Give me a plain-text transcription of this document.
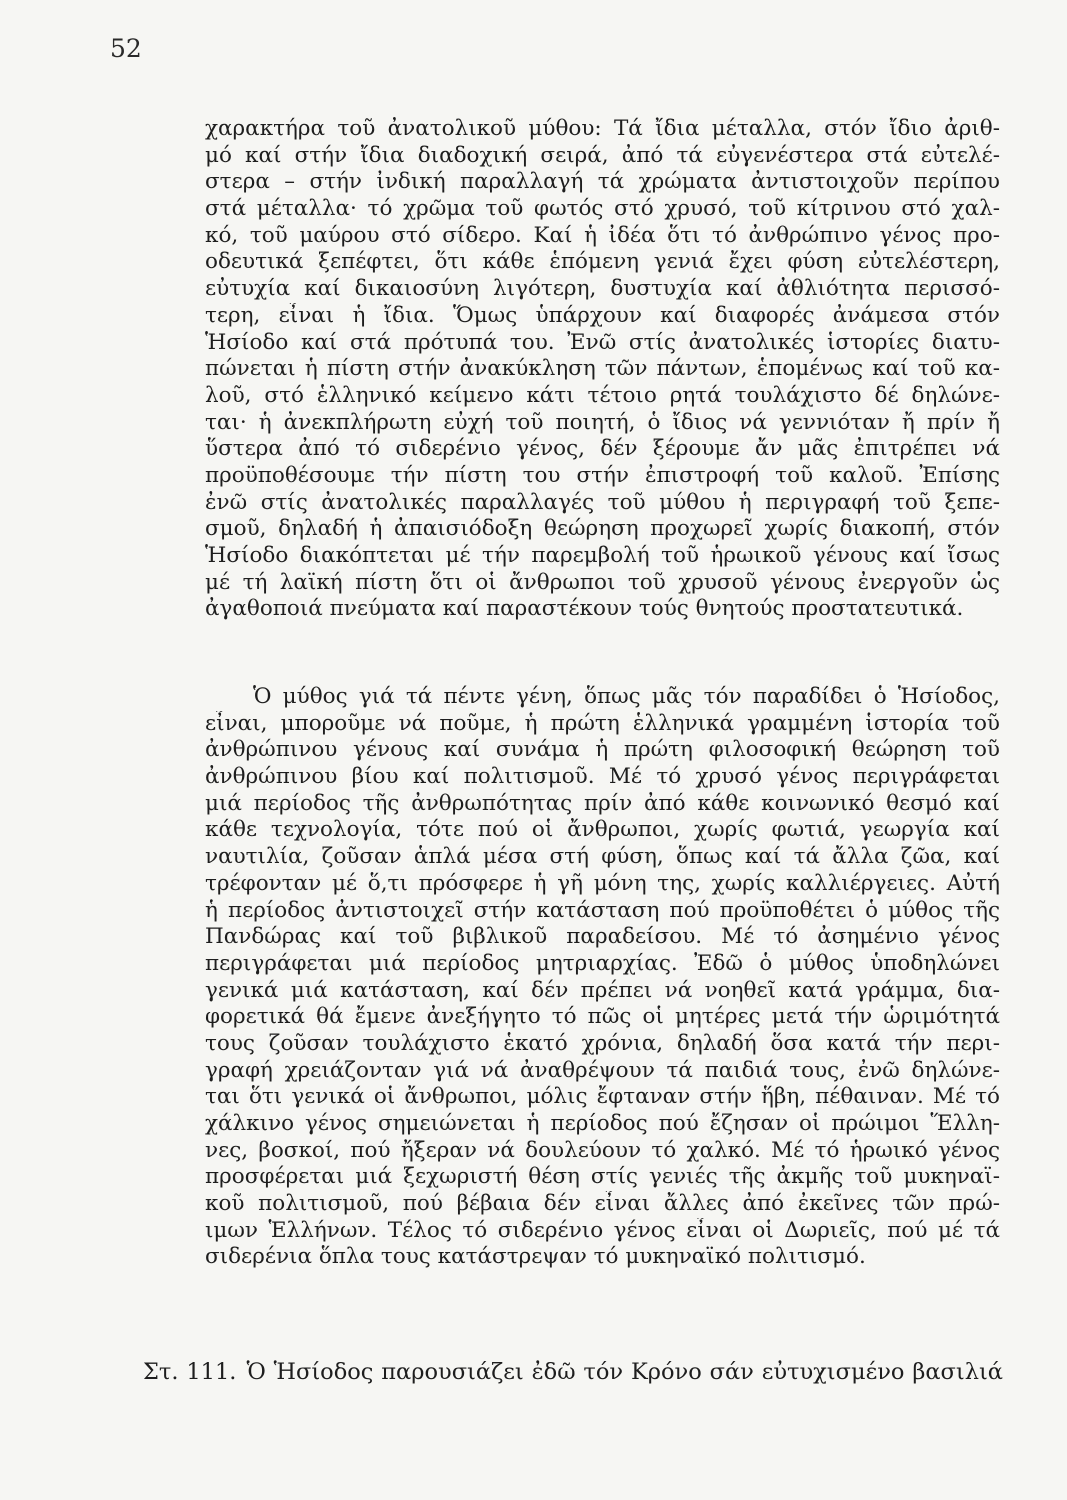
52
χαρακτήρα τοῦ ἀνατολικοῦ μύθου: Τά ἴδια μέταλλα, στόν ἴδιο ἀριθ-
μό καί στήν ἴδια διαδοχική σειρά, ἀπό τά εὐγενέστερα στά εὐτελέ-
στερα – στήν ἰνδική παραλλαγή τά χρώματα ἀντιστοιχοῦν περίπου
στά μέταλλα· τό χρῶμα τοῦ φωτός στό χρυσό, τοῦ κίτρινου στό χαλ-
κό, τοῦ μαύρου στό σίδερο. Καί ἡ ἰδέα ὅτι τό ἀνθρώπινο γένος προ-
οδευτικά ξεπέφτει, ὅτι κάθε ἑπόμενη γενιά ἔχει φύση εὐτελέστερη,
εὐτυχία καί δικαιοσύνη λιγότερη, δυστυχία καί ἀθλιότητα περισσό-
τερη, εἶναι ἡ ἴδια. Ὅμως ὑπάρχουν καί διαφορές ἀνάμεσα στόν
Ἡσίοδο καί στά πρότυπά του. Ἐνῶ στίς ἀνατολικές ἱστορίες διατυ-
πώνεται ἡ πίστη στήν ἀνακύκληση τῶν πάντων, ἑπομένως καί τοῦ κα-
λοῦ, στό ἑλληνικό κείμενο κάτι τέτοιο ρητά τουλάχιστο δέ δηλώνε-
ται· ἡ ἀνεκπλήρωτη εὐχή τοῦ ποιητή, ὁ ἴδιος νά γεννιόταν ἤ πρίν ἤ
ὕστερα ἀπό τό σιδερένιο γένος, δέν ξέρουμε ἄν μᾶς ἐπιτρέπει νά
προϋποθέσουμε τήν πίστη του στήν ἐπιστροφή τοῦ καλοῦ. Ἐπίσης
ἐνῶ στίς ἀνατολικές παραλλαγές τοῦ μύθου ἡ περιγραφή τοῦ ξεπε-
σμοῦ, δηλαδή ἡ ἀπαισιόδοξη θεώρηση προχωρεῖ χωρίς διακοπή, στόν
Ἡσίοδο διακόπτεται μέ τήν παρεμβολή τοῦ ἡρωικοῦ γένους καί ἴσως
μέ τή λαϊκή πίστη ὅτι οἱ ἄνθρωποι τοῦ χρυσοῦ γένους ἐνεργοῦν ὡς
ἀγαθοποιά πνεύματα καί παραστέκουν τούς θνητούς προστατευτικά.
Ὁ μύθος γιά τά πέντε γένη, ὅπως μᾶς τόν παραδίδει ὁ Ἡσίοδος,
εἶναι, μποροῦμε νά ποῦμε, ἡ πρώτη ἑλληνικά γραμμένη ἱστορία τοῦ
ἀνθρώπινου γένους καί συνάμα ἡ πρώτη φιλοσοφική θεώρηση τοῦ
ἀνθρώπινου βίου καί πολιτισμοῦ. Μέ τό χρυσό γένος περιγράφεται
μιά περίοδος τῆς ἀνθρωπότητας πρίν ἀπό κάθε κοινωνικό θεσμό καί
κάθε τεχνολογία, τότε πού οἱ ἄνθρωποι, χωρίς φωτιά, γεωργία καί
ναυτιλία, ζοῦσαν ἁπλά μέσα στή φύση, ὅπως καί τά ἄλλα ζῶα, καί
τρέφονταν μέ ὅ,τι πρόσφερε ἡ γῆ μόνη της, χωρίς καλλιέργειες. Αὐτή
ἡ περίοδος ἀντιστοιχεῖ στήν κατάσταση πού προϋποθέτει ὁ μύθος τῆς
Πανδώρας καί τοῦ βιβλικοῦ παραδείσου. Μέ τό ἀσημένιο γένος
περιγράφεται μιά περίοδος μητριαρχίας. Ἐδῶ ὁ μύθος ὑποδηλώνει
γενικά μιά κατάσταση, καί δέν πρέπει νά νοηθεῖ κατά γράμμα, δια-
φορετικά θά ἔμενε ἀνεξήγητο τό πῶς οἱ μητέρες μετά τήν ὡριμότητά
τους ζοῦσαν τουλάχιστο ἑκατό χρόνια, δηλαδή ὅσα κατά τήν περι-
γραφή χρειάζονταν γιά νά ἀναθρέψουν τά παιδιά τους, ἐνῶ δηλώνε-
ται ὅτι γενικά οἱ ἄνθρωποι, μόλις ἔφταναν στήν ἥβη, πέθαιναν. Μέ τό
χάλκινο γένος σημειώνεται ἡ περίοδος πού ἔζησαν οἱ πρώιμοι Ἕλλη-
νες, βοσκοί, πού ἤξεραν νά δουλεύουν τό χαλκό. Μέ τό ἡρωικό γένος
προσφέρεται μιά ξεχωριστή θέση στίς γενιές τῆς ἀκμῆς τοῦ μυκηναϊ-
κοῦ πολιτισμοῦ, πού βέβαια δέν εἶναι ἄλλες ἀπό ἐκεῖνες τῶν πρώ-
ιμων Ἑλλήνων. Τέλος τό σιδερένιο γένος εἶναι οἱ Δωριεῖς, πού μέ τά
σιδερένια ὅπλα τους κατάστρεψαν τό μυκηναϊκό πολιτισμό.
Στ. 111. Ὁ Ἡσίοδος παρουσιάζει ἐδῶ τόν Κρόνο σάν εὐτυχισμένο βασιλιά
